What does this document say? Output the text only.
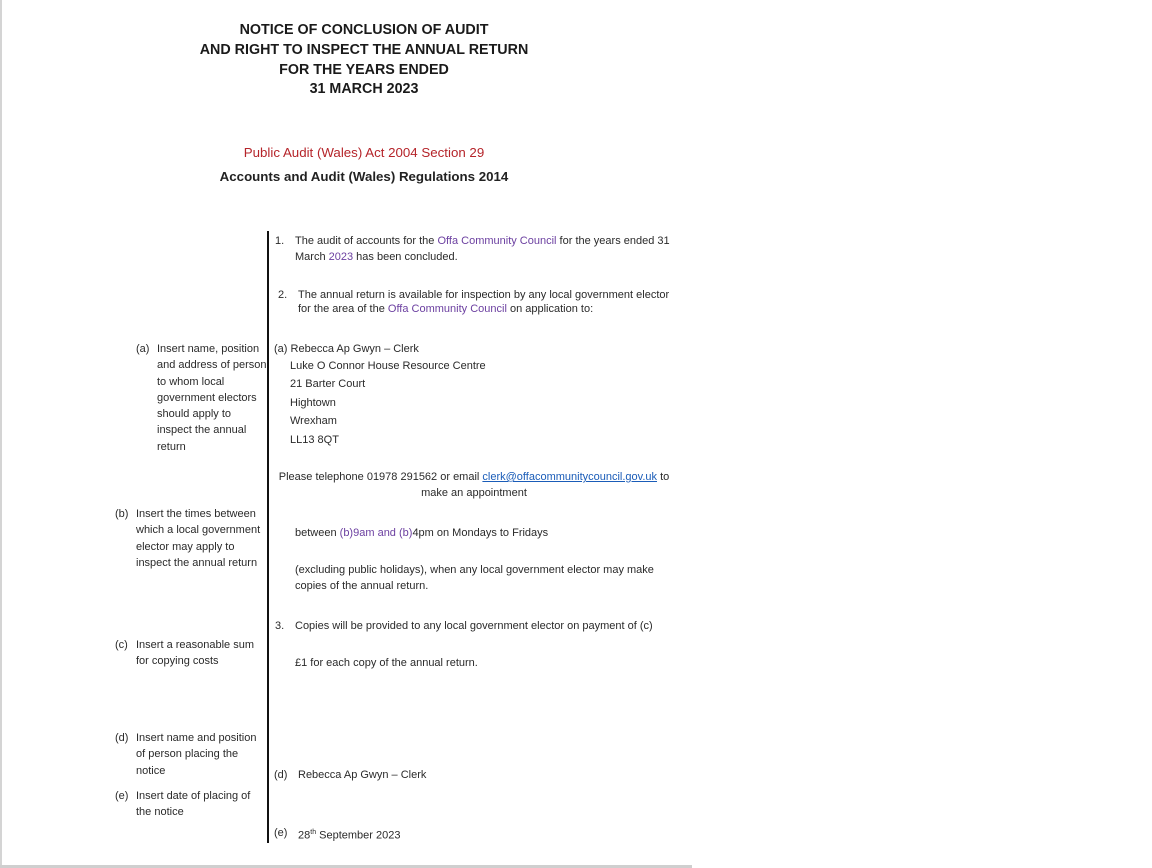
NOTICE OF CONCLUSION OF AUDIT
AND RIGHT TO INSPECT THE ANNUAL RETURN
FOR THE YEARS ENDED
31 MARCH 2023
Public Audit (Wales) Act 2004 Section 29
Accounts and Audit (Wales) Regulations 2014
1. The audit of accounts for the Offa Community Council for the years ended 31
March 2023 has been concluded.
2. The annual return is available for inspection by any local government elector
for the area of the Offa Community Council on application to:
(a) Rebecca Ap Gwyn – Clerk
Luke O Connor House Resource Centre
21 Barter Court
Hightown
Wrexham
LL13 8QT
Please telephone 01978 291562 or email clerk@offacommunitycouncil.gov.uk to
make an appointment
between (b)9am and (b)4pm on Mondays to Fridays
(excluding public holidays), when any local government elector may make
copies of the annual return.
3. Copies will be provided to any local government elector on payment of (c)
£1 for each copy of the annual return.
(d) Rebecca Ap Gwyn – Clerk
(e) 28th September 2023
(a) Insert name, position
and address of person
to whom local
government electors
should apply to
inspect the annual
return
(b) Insert the times between
which a local government
elector may apply to
inspect the annual return
(c) Insert a reasonable sum
for copying costs
(d) Insert name and position
of person placing the
notice
(e) Insert date of placing of
the notice
